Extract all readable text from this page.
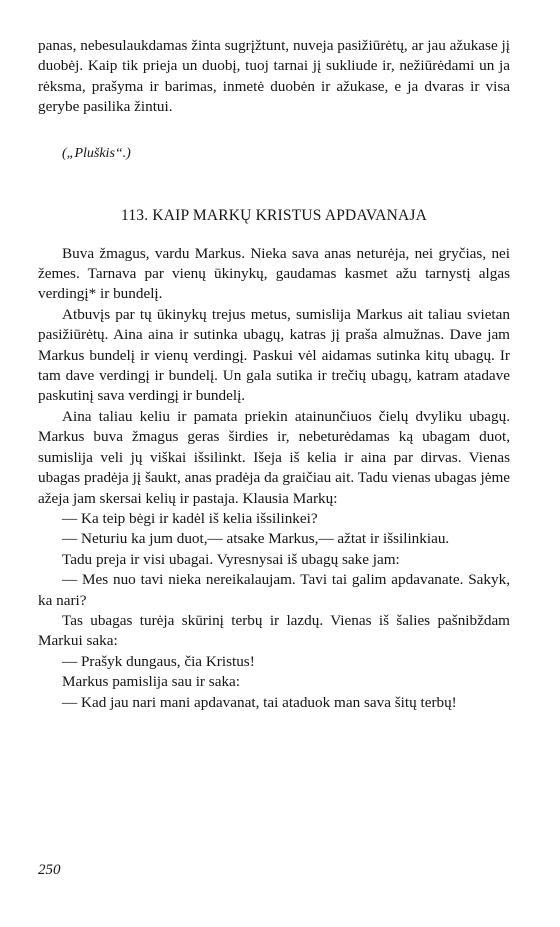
panas, nebesulaukdamas žinta sugrįžtunt, nuveja pasižiūrėtų, ar jau ažukase jį duobėj. Kaip tik prieja un duobį, tuoj tarnai jį sukliude ir, nežiūrėdami un ja rėksma, prašyma ir barimas, inmetė duobėn ir ažukase, e ja dvaras ir visa gerybe pasilika žintui.

(„Pluškis“.)
113. KAIP MARKŲ KRISTUS APDAVANAJA

Buva žmagus, vardu Markus. Nieka sava anas neturėja, nei gryčias, nei žemes. Tarnava par vienų ūkinykų, gaudamas kasmet ažu tarnystį algas verdingį* ir bundelį.

Atbuvįs par tų ūkinykų trejus metus, sumislija Markus ait taliau svietan pasižiūrėtų. Aina aina ir sutinka ubagų, katras jį praša almužnas. Dave jam Markus bundelį ir vienų verdingį. Paskui vėl aidamas sutinka kitų ubagų. Ir tam dave verdingį ir bundelį. Un gala sutika ir trečių ubagų, katram atadave paskutinį sava verdingį ir bundelį.

Aina taliau keliu ir pamata priekin atainunčiuos čielų dvyliku ubagų. Markus buva žmagus geras širdies ir, nebeturėdamas ką ubagam duot, sumislija veli jų viškai išsilinkt. Išeja iš kelia ir aina par dirvas. Vienas ubagas pradėja jį šaukt, anas pradėja da graičiau ait. Tadu vienas ubagas jėme ažeja jam skersai kelių ir pastaja. Klausia Markų:

— Ka teip bėgi ir kadėl iš kelia išsilinkei?

— Neturiu ka jum duot,— atsake Markus,— ažtat ir išsilinkiau.

Tadu preja ir visi ubagai. Vyresnysai iš ubagų sake jam:

— Mes nuo tavi nieka nereikalaujam. Tavi tai galim apdavanate. Sakyk, ka nari?

Tas ubagas turėja skūrinį terbų ir lazdų. Vienas iš šalies pašnibždam Markui saka:

— Prašyk dungaus, čia Kristus!

Markus pamislija sau ir saka:

— Kad jau nari mani apdavanat, tai ataduok man sava šitų terbų!

250
